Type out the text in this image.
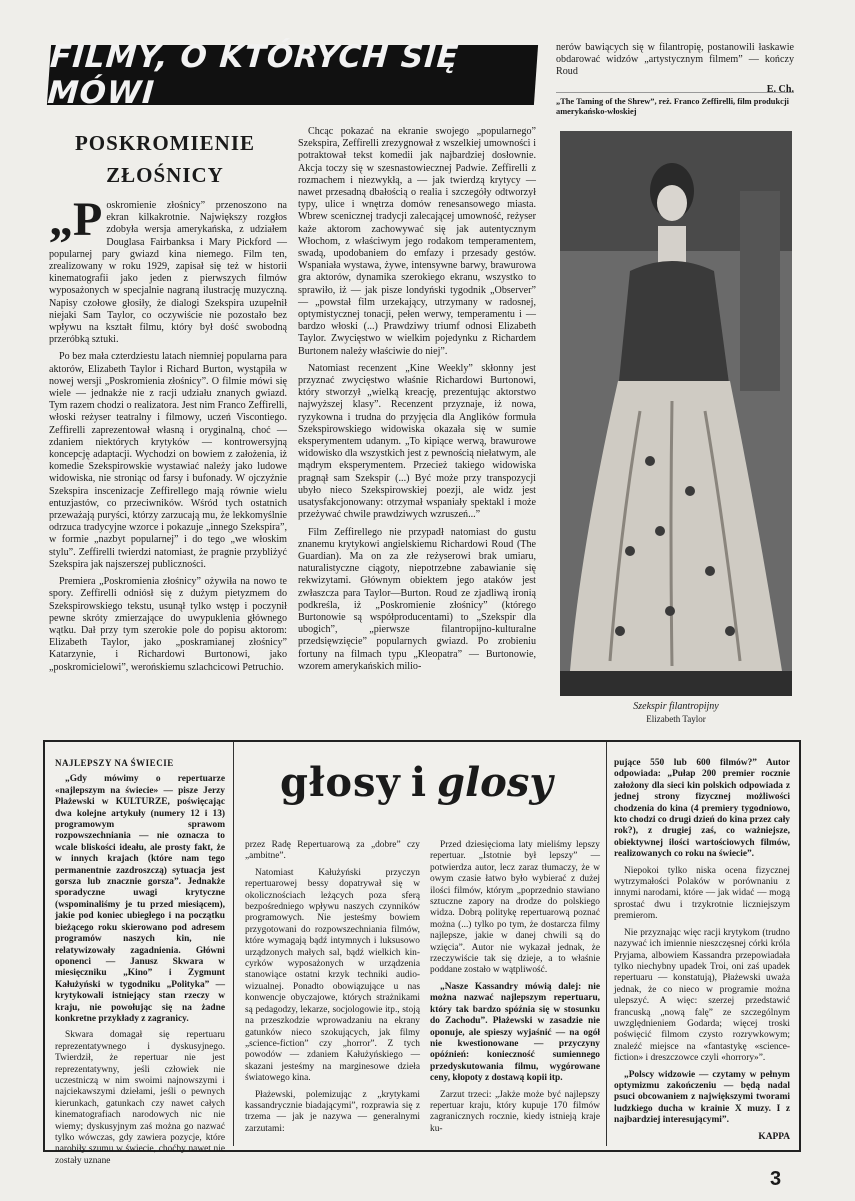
FILMY, O KTÓRYCH SIĘ MÓWI
POSKROMIENIE
ZŁOŚNICY
„P oskromienie złośnicy” przenoszono na ekran kilkakrotnie. Największy rozgłos zdobyła wersja amerykańska, z udziałem Douglasa Fairbanksa i Mary Pickford — popularnej pary gwiazd kina niemego. Film ten, zrealizowany w roku 1929, zapisał się też w historii kinematografii jako jeden z pierwszych filmów wyposażonych w specjalnie nagraną ilustrację muzyczną. Napisy czołowe głosiły, że dialogi Szekspira uzupełnił niejaki Sam Taylor, co oczywiście nie pozostało bez wpływu na kształt filmu, który był dość swobodną przeróbką sztuki.

Po bez mała czterdziestu latach niemniej popularna para aktorów, Elizabeth Taylor i Richard Burton, wystąpiła w nowej wersji „Poskromienia złośnicy”. O filmie mówi się wiele — jednakże nie z racji udziału znanych gwiazd. Tym razem chodzi o realizatora. Jest nim Franco Zeffirelli, włoski reżyser teatralny i filmowy, uczeń Viscontiego. Zeffirelli zaprezentował własną i oryginalną, choć — zdaniem niektórych krytyków — kontrowersyjną koncepcję adaptacji. Wychodzi on bowiem z założenia, iż komedie Szekspirowskie wystawiać należy jako ludowe widowiska, nie stroniąc od farsy i bufonady. W ojczyźnie Szekspira inscenizacje Zeffirellego mają równie wielu entuzjastów, co przeciwników. Wśród tych ostatnich przeważają puryści, którzy zarzucają mu, że lekkomyślnie odrzuca tradycyjne wzorce i pokazuje „innego Szekspira”, w formie „nazbyt popularnej” i do tego „we włoskim stylu”. Zeffirelli twierdzi natomiast, że pragnie przybliżyć Szekspira jak najszerszej publiczności.

Premiera „Poskromienia złośnicy” ożywiła na nowo te spory. Zeffirelli odniósł się z dużym pietyzmem do Szekspirowskiego tekstu, usunął tylko wstęp i poczynił pewne skróty zmierzające do uwypuklenia głównego wątku. Dał przy tym szerokie pole do popisu aktorom: Elizabeth Taylor, jako „poskramianej złośnicy” Katarzynie, i Richardowi Burtonowi, jako „poskromicielowi”, werońskiemu szlachcicowi Petruchio.

Chcąc pokazać na ekranie swojego „popularnego” Szekspira, Zeffirelli zrezygnował z wszelkiej umowności i potraktował tekst komedii jak najbardziej dosłownie. Akcja toczy się w szesnastowiecznej Padwie. Zeffirelli z rozmachem i niezwykłą, a — jak twierdzą krytycy — nawet przesadną dbałością o realia i szczegóły odtworzył typy, ulice i wnętrza domów renesansowego miasta. Wbrew scenicznej tradycji zalecającej umowność, reżyser każe aktorom zachowywać się jak autentycznym Włochom, z właściwym jego rodakom temperamentem, swadą, upodobaniem do emfazy i przesady gestów. Wspaniała wystawa, żywe, intensywne barwy, brawurowa gra aktorów, dynamika szerokiego ekranu, wszystko to sprawiło, iż — jak pisze londyński tygodnik „Observer” — „powstał film urzekający, utrzymany w radosnej, optymistycznej tonacji, pełen werwy, temperamentu i — bardzo włoski (...) Prawdziwy triumf odnosi Elizabeth Taylor. Zwycięstwo w wielkim pojedynku z Richardem Burtonem należy właściwie do niej”.

Natomiast recenzent „Kine Weekly” skłonny jest przyznać zwycięstwo właśnie Richardowi Burtonowi, który stworzył „wielką kreację, prezentując aktorstwo najwyższej klasy”. Recenzent przyznaje, iż nowa, ryzykowna i trudna do przyjęcia dla Anglików formuła Szekspirowskiego widowiska okazała się w sumie eksperymentem udanym. „To kipiące werwą, brawurowe widowisko dla wszystkich jest z pewnością niełatwym, ale mądrym eksperymentem. Przecież takiego widowiska pragnął sam Szekspir (...) Być może przy transpozycji ubyło nieco Szekspirowskiej poezji, ale widz jest usatysfakcjonowany: otrzymał wspaniały spektakl i może przeżywać chwile prawdziwych wzruszeń...”

Film Zeffirellego nie przypadł natomiast do gustu znanemu krytykowi angielskiemu Richardowi Roud (The Guardian). Ma on za złe reżyserowi brak umiaru, naturalistyczne ciągoty, niepotrzebne zabawianie się rekwizytami. Głównym obiektem jego ataków jest zwłaszcza para Taylor—Burton. Roud ze zjadliwą ironią podkreśla, iż „Poskromienie złośnicy” (którego Burtonowie są współproducentami) to „Szekspir dla ubogich”, „pierwsze filantropijno-kulturalne przedsięwzięcie” popularnych gwiazd. Po zrobieniu fortuny na filmach typu „Kleopatra” — Burtonowie, wzorem amerykańskich milio-

nerów bawiących się w filantropię, postanowili łaskawie obdarować widzów „artystycznym filmem” — kończy Roud

E. Ch.
„The Taming of the Shrew”, reż. Franco Zeffirelli, film produkcji amerykańsko-włoskiej
Szekspir filantropijny
Elizabeth Taylor
głosy i glosy

NAJLEPSZY NA ŚWIECIE

„Gdy mówimy o repertuarze «najlepszym na świecie» — pisze Jerzy Płażewski w KULTURZE, poświęcając dwa kolejne artykuły (numery 12 i 13) programowym sprawom rozpowszechniania — nie oznacza to wcale bliskości ideału, ale prosty fakt, że w innych krajach (które nam tego permanentnie zazdroszczą) sytuacja jest gorsza lub znacznie gorsza”. Jednakże sporadyczne uwagi krytyczne (wspominaliśmy je tu przed miesiącem), jakie pod koniec ubiegłego i na początku bieżącego roku skierowano pod adresem programów naszych kin, nie relatywizowały zagadnienia. Główni oponenci — Janusz Skwara w miesięczniku „Kino” i Zygmunt Kałużyński w tygodniku „Polityka” — krytykowali istniejący stan rzeczy w kraju, nie powołując się na żadne konkretne przykłady z zagranicy.

Skwara domagał się repertuaru reprezentatywnego i dyskusyjnego. Twierdził, że repertuar nie jest reprezentatywny, jeśli człowiek nie uczestniczą w nim swoimi najnowszymi i najciekawszymi dziełami, jeśli o pewnych kierunkach, gatunkach czy nawet całych kinematografiach narodowych nic nie wiemy; dyskusyjnym zaś można go nazwać tylko wówczas, gdy zawiera pozycje, które narobiły szumu w świecie, choćby nawet nie zostały uznane

przez Radę Repertuarową za „dobre” czy „ambitne”.

Natomiast Kałużyński przyczyn repertuarowej bessy dopatrywał się w okolicznościach leżących poza sferą bezpośredniego wpływu naszych czynników programowych. Nie jesteśmy bowiem przygotowani do rozpowszechniania filmów, które wymagają bądź intymnych i luksusowo urządzonych małych sal, bądź wielkich kin-cyrków wyposażonych w urządzenia stanowiące ostatni krzyk techniki audio-wizualnej. Ponadto obowiązujące u nas konwencje obyczajowe, których strażnikami są pedagodzy, lekarze, socjologowie itp., stoją na przeszkodzie wprowadzaniu na ekrany gatunków nieco szokujących, jak filmy „science-fiction” czy „horror”. Z tych powodów — zdaniem Kałużyńskiego — skazani jesteśmy na marginesowe dzieła światowego kina.

Płażewski, polemizując z „krytykami kassandrycznie biadającymi”, rozprawia się z trzema — jak je nazywa — generalnymi zarzutami:

Przed dziesięcioma laty mieliśmy lepszy repertuar. „Istotnie był lepszy” — potwierdza autor, lecz zaraz tłumaczy, że w owym czasie łatwo było wybierać z dużej ilości filmów, którym „poprzednio stawiano sztuczne zapory na drodze do polskiego widza. Dobrą politykę repertuarową poznać można (...) tylko po tym, że dostarcza filmy najlepsze, jakie w danej chwili są do wzięcia”. Autor nie wykazał jednak, że rzeczywiście tak się dzieje, a to właśnie poddane zostało w wątpliwość.

„Nasze Kassandry mówią dalej: nie można nazwać najlepszym repertuaru, który tak bardzo spóźnia się w stosunku do Zachodu”. Płażewski w zasadzie nie oponuje, ale spieszy wyjaśnić — na ogół nie kwestionowane — przyczyny opóźnień: konieczność sumiennego przedyskutowania filmu, wygórowane ceny, kłopoty z dostawą kopii itp.

Zarzut trzeci: „Jakże może być najlepszy repertuar kraju, który kupuje 170 filmów zagranicznych rocznie, kiedy istnieją kraje ku-

pujące 550 lub 600 filmów?” Autor odpowiada: „Pułap 200 premier rocznie założony dla sieci kin polskich odpowiada z jednej strony fizycznej możliwości chodzenia do kina (4 premiery tygodniowo, kto chodzi co drugi dzień do kina przez cały rok?), z drugiej zaś, co ważniejsze, obiektywnej ilości wartościowych filmów, realizowanych co roku na świecie”.

Niepokoi tylko niska ocena fizycznej wytrzymałości Polaków w porównaniu z innymi narodami, które — jak widać — mogą sprostać dwu i trzykrotnie liczniejszym premierom.

Nie przyznając więc racji krytykom (trudno nazywać ich imiennie nieszczęsnej córki króla Pryjama, albowiem Kassandra przepowiadała tylko niechybny upadek Troi, oni zaś upadek repertuaru — konstatują), Płażewski uważa jednak, że co nieco w programie można ulepszyć. A więc: szerzej przedstawić francuską „nową falę” ze szczególnym uwzględnieniem Godarda; więcej troski poświęcić filmom czysto rozrywkowym; znaleźć miejsce na «fantastykę «science-fiction» i dreszczowce czyli «horrory»”.

„Polscy widzowie — czytamy w pełnym optymizmu zakończeniu — będą nadal psuci obcowaniem z największymi tworami ludzkiego ducha w krainie X muzy. I z najbardziej interesującymi”.

KAPPA
3
